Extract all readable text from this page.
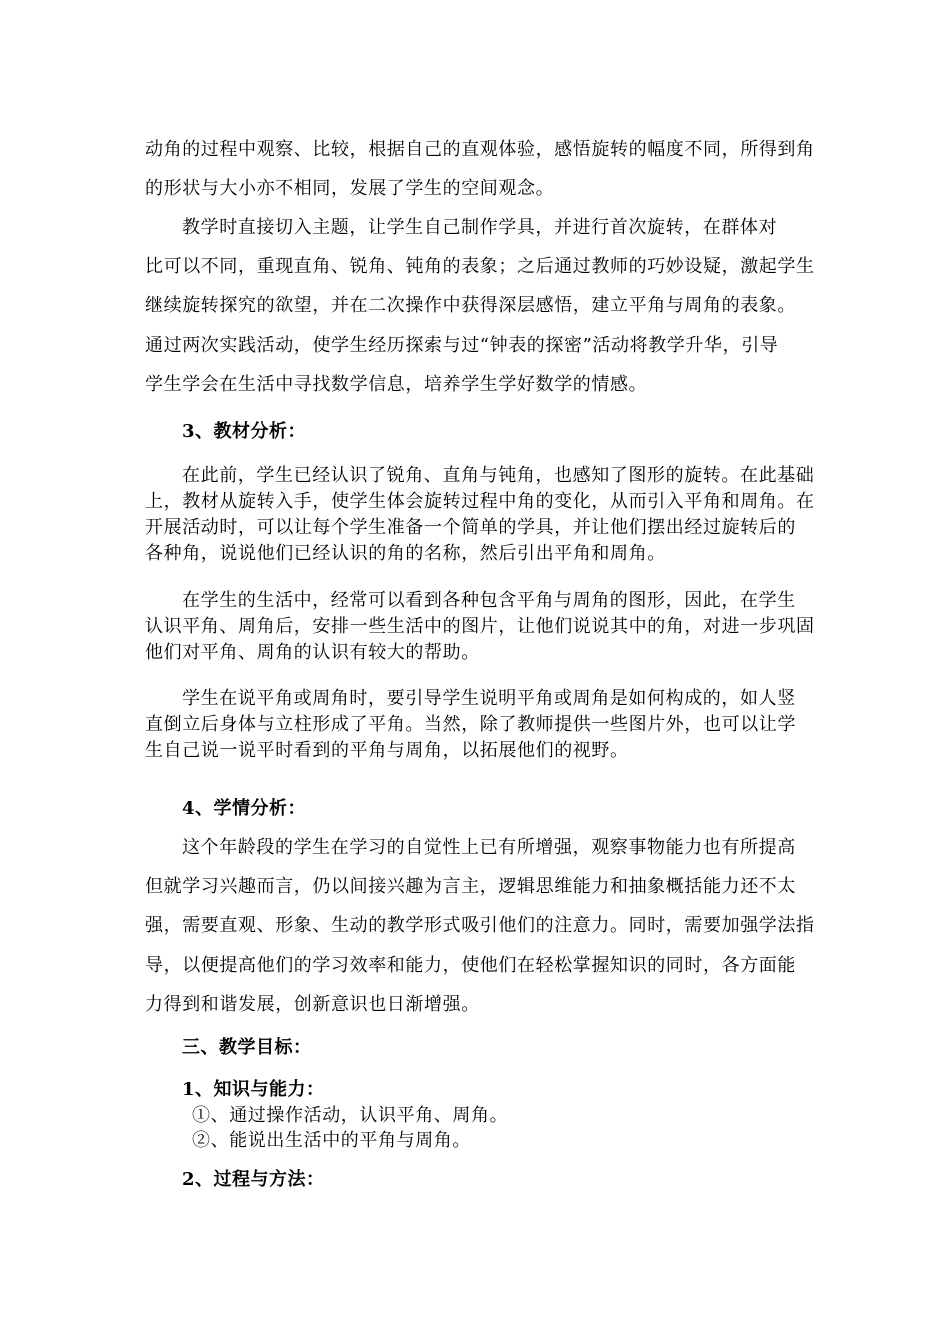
动角的过程中观察、比较，根据自己的直观体验，感悟旋转的幅度不同，所得到角
的形状与大小亦不相同，发展了学生的空间观念。
教学时直接切入主题，让学生自己制作学具，并进行首次旋转，在群体对
比可以不同，重现直角、锐角、钝角的表象；之后通过教师的巧妙设疑，激起学生
继续旋转探究的欲望，并在二次操作中获得深层感悟，建立平角与周角的表象。
通过两次实践活动，使学生经历探索与过“钟表的探密”活动将教学升华，引导
学生学会在生活中寻找数学信息，培养学生学好数学的情感。
3、教材分析：
在此前，学生已经认识了锐角、直角与钝角，也感知了图形的旋转。在此基础
上，教材从旋转入手，使学生体会旋转过程中角的变化，从而引入平角和周角。在
开展活动时，可以让每个学生准备一个简单的学具，并让他们摆出经过旋转后的
各种角，说说他们已经认识的角的名称，然后引出平角和周角。
在学生的生活中，经常可以看到各种包含平角与周角的图形，因此，在学生
认识平角、周角后，安排一些生活中的图片，让他们说说其中的角，对进一步巩固
他们对平角、周角的认识有较大的帮助。
学生在说平角或周角时，要引导学生说明平角或周角是如何构成的，如人竖
直倒立后身体与立柱形成了平角。当然，除了教师提供一些图片外，也可以让学
生自己说一说平时看到的平角与周角，以拓展他们的视野。
4、学情分析：
这个年龄段的学生在学习的自觉性上已有所增强，观察事物能力也有所提高
但就学习兴趣而言，仍以间接兴趣为言主，逻辑思维能力和抽象概括能力还不太
强，需要直观、形象、生动的教学形式吸引他们的注意力。同时，需要加强学法指
导，以便提高他们的学习效率和能力，使他们在轻松掌握知识的同时，各方面能
力得到和谐发展，创新意识也日渐增强。
三、教学目标：
1、知识与能力：
①、通过操作活动，认识平角、周角。
②、能说出生活中的平角与周角。
2、过程与方法：
